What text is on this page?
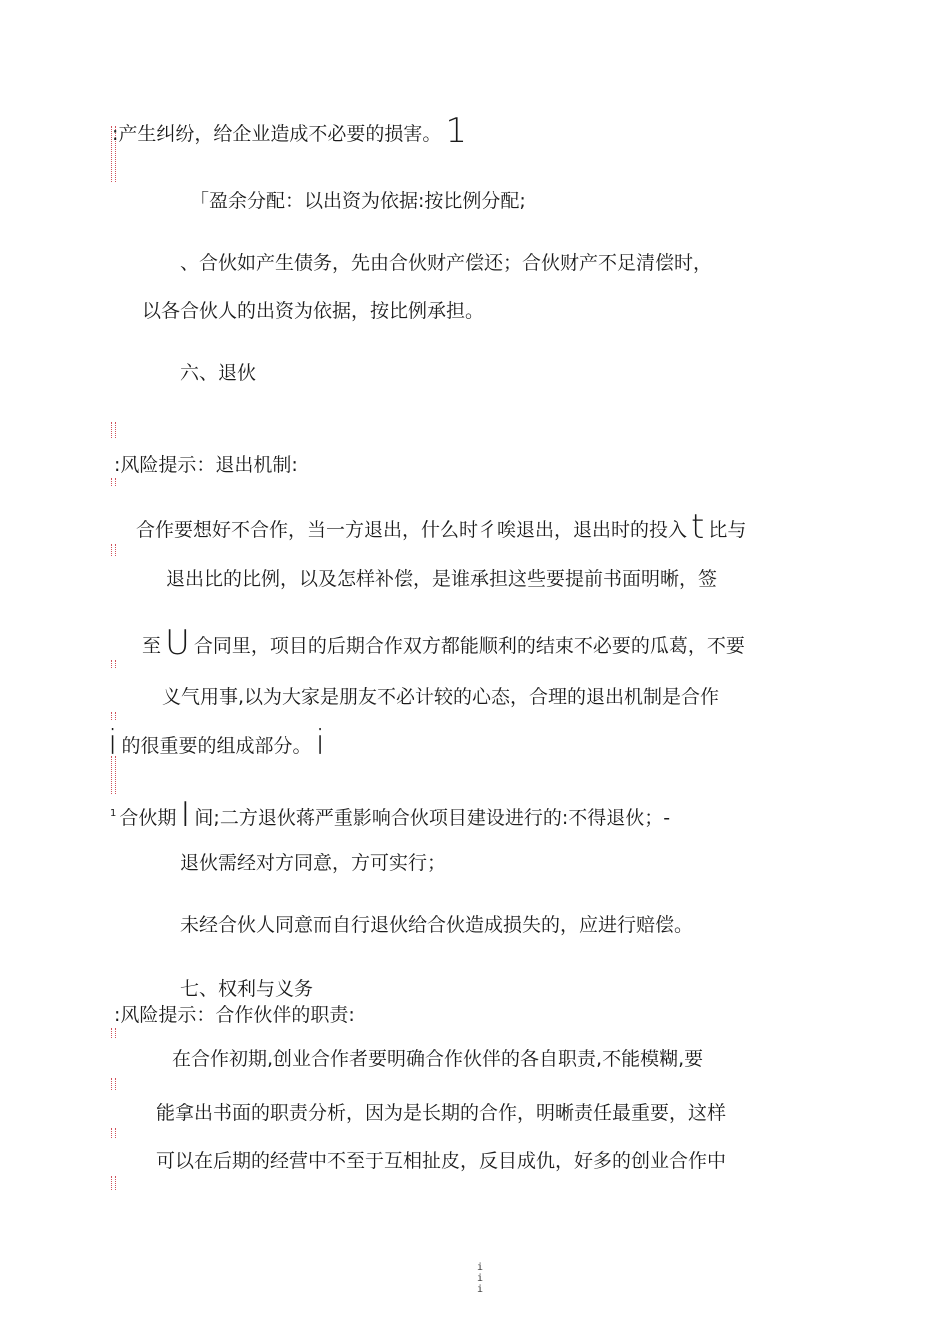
:产生纠纷，给企业造成不必要的损害。 1
「盈余分配：以出资为依据:按比例分配;
、合伙如产生债务，先由合伙财产偿还；合伙财产不足清偿时，
以各合伙人的出资为依据，按比例承担。
六、退伙
:风险提示：退出机制:
合作要想好不合作，当一方退出，什么时彳唉退出，退出时的投入 t 比与
退出比的比例，以及怎样补偿，是谁承担这些要提前书面明晰，签
至 U 合同里，项目的后期合作双方都能顺利的结束不必要的瓜葛，不要
义气用事,以为大家是朋友不必计较的心态，合理的退出机制是合作
i的很重要的组成部分。 i
$^1$ 合伙期 I 间;二方退伙蒋严重影响合伙项目建设进行的:不得退伙；-
退伙需经对方同意，方可实行；
未经合伙人同意而自行退伙给合伙造成损失的，应进行赔偿。
七、权利与义务
:风险提示：合作伙伴的职责:
在合作初期,创业合作者要明确合作伙伴的各自职责,不能模糊,要
能拿出书面的职责分析，因为是长期的合作，明晰责任最重要，这样
可以在后期的经营中不至于互相扯皮，反目成仇，好多的创业合作中
i
i
i
